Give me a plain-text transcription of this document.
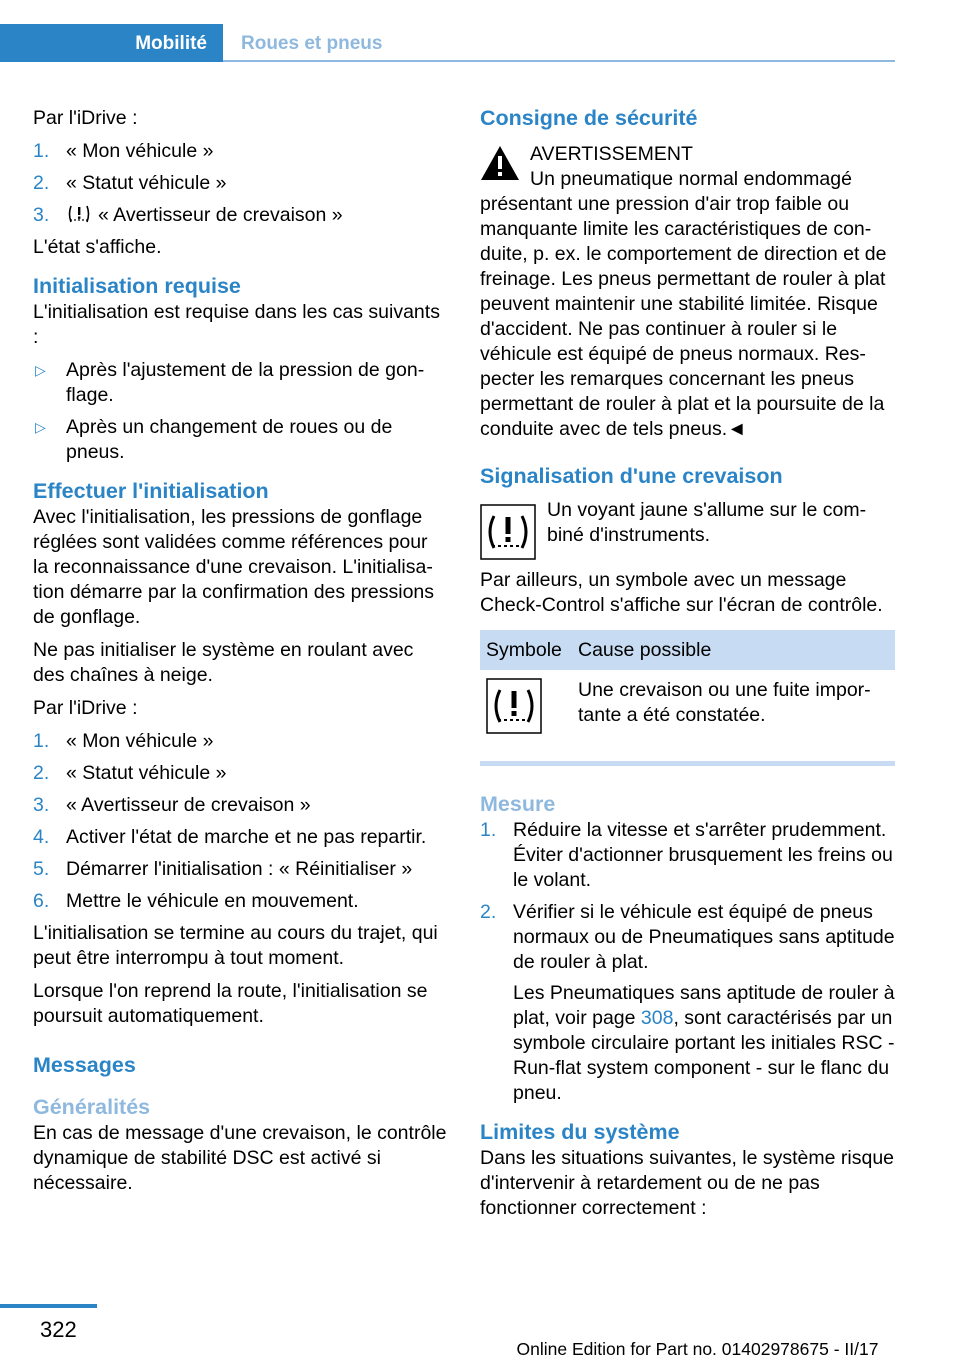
Mobilité Roues et pneus

Par l'iDrive :

1. « Mon véhicule »
2. « Statut véhicule »
3. « Avertisseur de crevaison »

L'état s'affiche.

Initialisation requise

L'initialisation est requise dans les cas suivants :

▷ Après l'ajustement de la pression de gonflage.
▷ Après un changement de roues ou de pneus.
Effectuer l'initialisation

Avec l'initialisation, les pressions de gonflage réglées sont validées comme références pour la reconnaissance d'une crevaison. L'initialisation démarre par la confirmation des pressions de gonflage.

Ne pas initialiser le système en roulant avec des chaînes à neige.

Par l'iDrive :

1. « Mon véhicule »
2. « Statut véhicule »
3. « Avertisseur de crevaison »
4. Activer l'état de marche et ne pas repartir.
5. Démarrer l'initialisation : « Réinitialiser »
6. Mettre le véhicule en mouvement.

L'initialisation se termine au cours du trajet, qui peut être interrompu à tout moment.

Lorsque l'on reprend la route, l'initialisation se poursuit automatiquement.

Messages
Généralités

En cas de message d'une crevaison, le contrôle dynamique de stabilité DSC est activé si nécessaire.

Consigne de sécurité
AVERTISSEMENT
Un pneumatique normal endommagé

présentant une pression d'air trop faible ou manquante limite les caractéristiques de conduite, p. ex. le comportement de direction et de freinage. Les pneus permettant de rouler à plat peuvent maintenir une stabilité limitée. Risque d'accident. Ne pas continuer à rouler si le véhicule est équipé de pneus normaux. Respecter les remarques concernant les pneus permettant de rouler à plat et la poursuite de la conduite avec de tels pneus.◄

Signalisation d'une crevaison
Un voyant jaune s'allume sur le combiné d'instruments.

Par ailleurs, un symbole avec un message Check-Control s'affiche sur l'écran de contrôle.

Symbole	Cause possible
	Une crevaison ou une fuite importante a été constatée.
Mesure
1. Réduire la vitesse et s'arrêter prudemment. Éviter d'actionner brusquement les freins ou le volant.
2. Vérifier si le véhicule est équipé de pneus normaux ou de Pneumatiques sans aptitude de rouler à plat.
Les Pneumatiques sans aptitude de rouler à plat, voir page 308, sont caractérisés par un symbole circulaire portant les initiales RSC - Run-flat system component - sur le flanc du pneu.
Limites du système

Dans les situations suivantes, le système risque d'intervenir à retardement ou de ne pas fonctionner correctement :

322
Online Edition for Part no. 01402978675 - II/17
